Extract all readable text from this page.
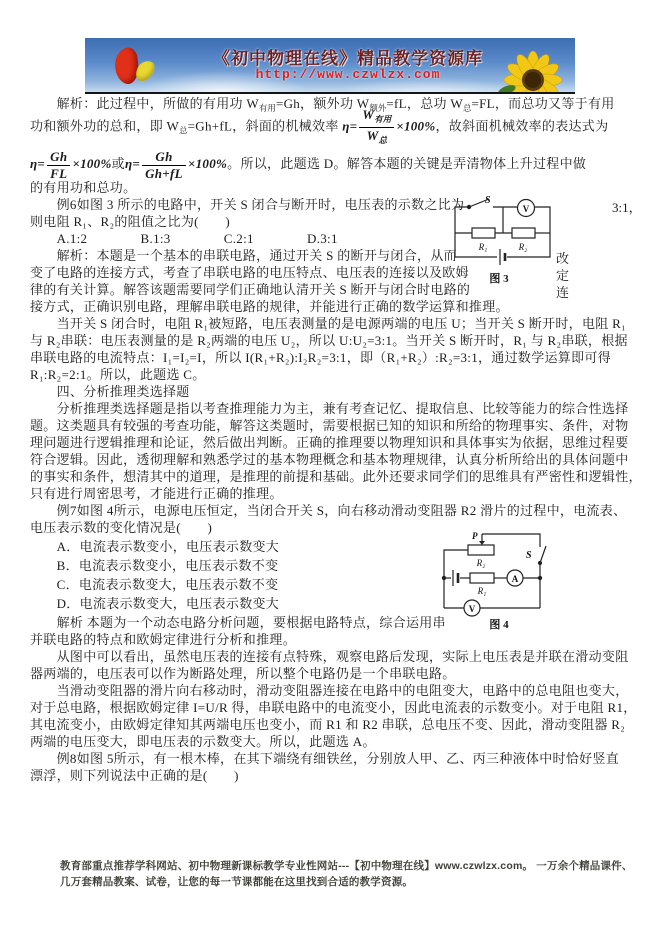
《初中物理在线》精品教学资源库
http://www.czwlzx.com
　　解析：此过程中，所做的有用功 $W_{有用}=Gh$，额外功 $W_{额外}=fL$，总功 $W_总=FL$，而总功又等于有用
功和额外功的总和，即 $W_总=Gh+fL$，斜面的机械效率 $\eta= \frac{W_{有用}}{W_总} \times 100\%$，故斜面机械效率的表达式为
$\eta= \frac{Gh}{FL} \times 100\%$或$\eta= \frac{Gh}{Gh+fL} \times 100\%$。所以，此题选 D。解答本题的关键是弄清物体上升过程中做
的有用功和总功。
　　例6如图 3 所示的电路中，开关 S 闭合与断开时，电压表的示数之比为
则电阻 R₁、R₂的阻值之比为(　　)
　　A.1:2　　　　B.1:3　　　　C.2:1　　　　D.3:1
　　解析：本题是一个基本的串联电路，通过开关 S 的断开与闭合，从而
变了电路的连接方式，考查了串联电路的电压特点、电压表的连接以及欧姆
律的有关计算。解答该题需要同学们正确地认清开关 S 断开与闭合时电路的
接方式，正确识别电路，理解串联电路的规律，并能进行正确的数学运算和推理。
　　当开关 S 闭合时，电阻 R₁被短路，电压表测量的是电源两端的电压 U；当开关 S 断开时，电阻 R₁
与 R₂串联：电压表测量的是 R₂两端的电压 U₂，所以 U:U₂=3:1。当开关 S 断开时，R₁ 与 R₂串联，根据
串联电路的电流特点：I₁=I₂=I，所以 I(R₁+R₂):I₂R₂=3:1，即（R₁+R₂）:R₂=3:1，通过数学运算即可得
R₁:R₂=2:1。所以，此题选 C。
　　四、分析推理类选择题
　　分析推理类选择题是指以考查推理能力为主，兼有考查记忆、提取信息、比较等能力的综合性选择
题。这类题具有较强的考查功能，解答这类题时，需要根据已知的知识和所给的物理事实、条件，对物
理问题进行逻辑推理和论证，然后做出判断。正确的推理要以物理知识和具体事实为依据，思维过程要
符合逻辑。因此，透彻理解和熟悉学过的基本物理概念和基本物理规律，认真分析所给出的具体问题中
的事实和条件，想清其中的道理，是推理的前提和基础。此外还要求同学们的思维具有严密性和逻辑性，
只有进行周密思考，才能进行正确的推理。
　　例7如图 4所示，电源电压恒定，当闭合开关 S，向右移动滑动变阻器 R2 滑片的过程中，电流表、
电压表示数的变化情况是(　　)
　　A．电流表示数变小，电压表示数变大
　　B．电流表示数变小，电压表示数不变
　　C．电流表示数变大，电压表示数不变
　　D．电流表示数变大，电压表示数变大
　　解析 本题为一个动态电路分析问题，要根据电路特点，综合运用串
并联电路的特点和欧姆定律进行分析和推理。
　　从图中可以看出，虽然电压表的连接有点特殊，观察电路后发现，实际上电压表是并联在滑动变阻
器两端的，电压表可以作为断路处理，所以整个电路仍是一个串联电路。
　　当滑动变阻器的滑片向右移动时，滑动变阻器连接在电路中的电阻变大，电路中的总电阻也变大，
对于总电路，根据欧姆定律 I=U/R 得，串联电路中的电流变小，因此电流表的示数变小。对于电阻 R1，
其电流变小，由欧姆定律知其两端电压也变小，而 R1 和 R2 串联，总电压不变、因此，滑动变阻器 R₂
两端的电压变大，即电压表的示数变大。所以，此题选 A。
　　例8如图 5所示，有一根木棒，在其下端绕有细铁丝，分别放人甲、乙、丙三种液体中时恰好竖直
漂浮，则下列说法中正确的是(　　)
3:1，
改
定
连
S
V
R₁	R₂
图 3
P
S
R₂
R₁
A
V
图 4
教育部重点推荐学科网站、初中物理新课标教学专业性网站---【初中物理在线】www.czwlzx.com。 一万余个精品课件、
几万套精品教案、试卷，让您的每一节课都能在这里找到合适的教学资源。
